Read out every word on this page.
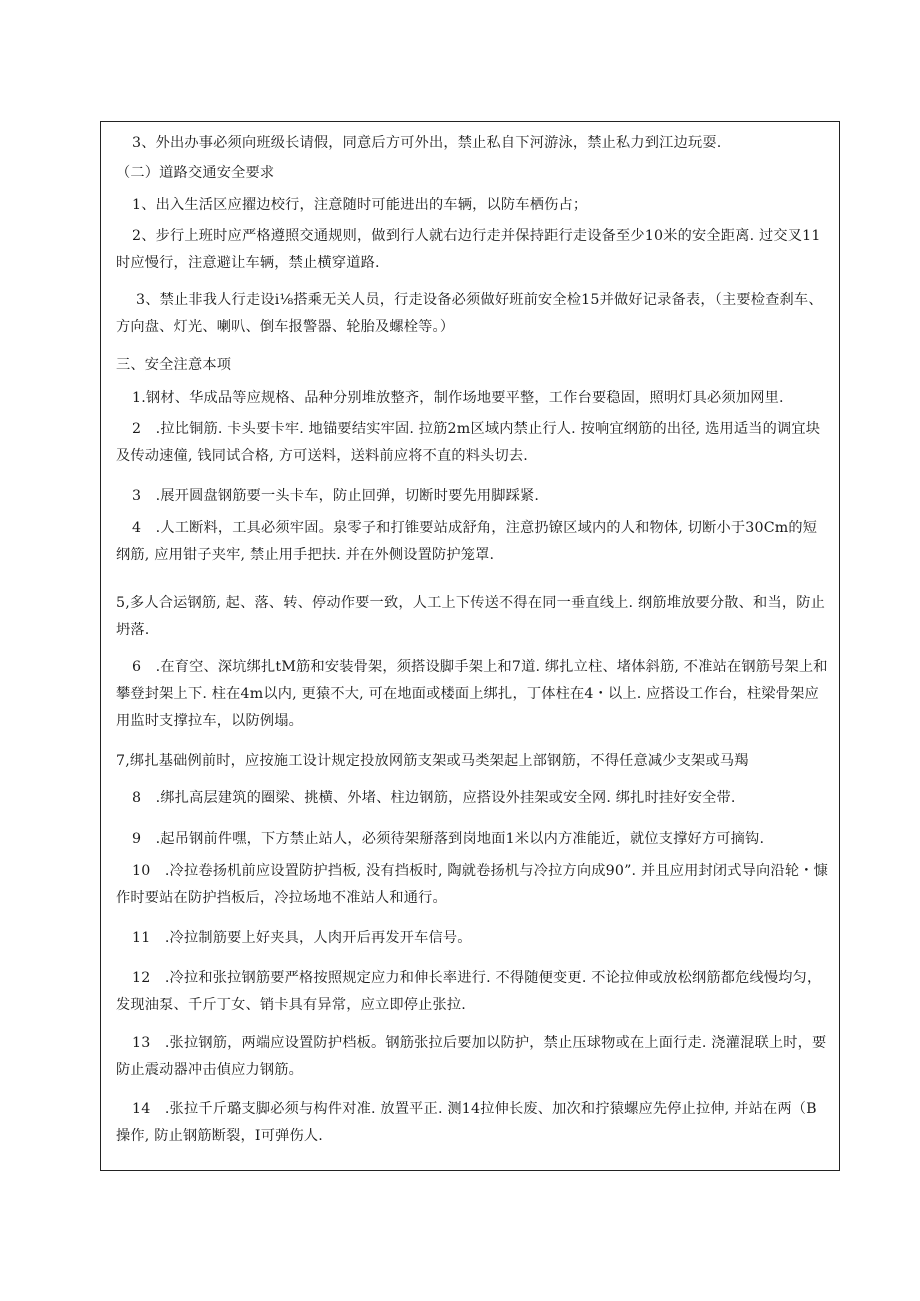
3、外出办事必须向班级长请假，同意后方可外出，禁止私自下河游泳，禁止私力到江边玩耍.

（二）道路交通安全要求

1、出入生活区应擢边校行，注意随时可能进出的车辆，以防车栖伤占；

2、步行上班时应严格遵照交通规则，做到行人就右边行走并保持距行走设备至少10米的安全距离. 过交叉11时应慢行，注意避让车辆，禁止横穿道路.

3、禁止非我人行走设i⅛搭乘无关人员，行走设备必须做好班前安全检15并做好记录备表，（主要检查刹车、方向盘、灯光、喇叭、倒车报警器、轮胎及螺栓等。）

三、安全注意本项

1.钢材、华成品等应规格、品种分别堆放整齐，制作场地要平整，工作台要稳固，照明灯具必须加网里.

2　.拉比铜筋. 卡头要卡牢. 地锚要结实牢固. 拉筋2m区域内禁止行人. 按响宜纲筋的出径, 选用适当的调宜块及传动速僮, 钱同试合格, 方可送料，送料前应将不直的料头切去.

3　.展开圆盘钢筋要一头卡车，防止回弹，切断时要先用脚踩紧.

4　.人工断料，工具必须牢固。泉零子和打锥要站成舒角，注意扔镣区域内的人和物体, 切断小于30Cm的短纲筋, 应用钳子夹牢, 禁止用手把扶. 并在外侧设置防护笼罩.

5,多人合运钢筋, 起、落、转、停动作要一致，人工上下传送不得在同一垂直线上. 纲筋堆放要分散、和当，防止坍落.

6　.在育空、深坑绑扎tM筋和安装骨架，须搭设脚手架上和7道. 绑扎立柱、堵体斜筋, 不准站在钢筋号架上和攀登封架上下. 柱在4m以内, 更猿不大, 可在地面或楼面上绑扎，丁体柱在4・以上. 应搭设工作台，柱梁骨架应用监时支撑拉车，以防例塌。

7,绑扎基础例前时，应按施工设计规定投放网筋支架或马类架起上部钢筋，不得任意减少支架或马羯

8　.绑扎高层建筑的圈梁、挑横、外堵、柱边钢筋，应搭设外挂架或安全网. 绑扎时挂好安全带.

9　.起吊钢前件嘿，下方禁止站人，必须待架掰落到岗地面1米以内方准能近，就位支撑好方可摘钩.

10　.冷拉卷扬机前应设置防护挡板, 没有挡板时, 陶就卷扬机与冷拉方向成90”. 并且应用封闭式导向沿轮・慷作时要站在防护挡板后，冷拉场地不准站人和通行。

11　.冷拉制筋要上好夹具，人肉开后再发开车信号。

12　.冷拉和张拉钢筋要严格按照规定应力和伸长率进行. 不得随便变更. 不论拉伸或放松纲筋都危线慢均匀，发现油泵、千斤丁女、销卡具有异常，应立即停止张拉.

13　.张拉钢筋，两端应设置防护档板。钢筋张拉后要加以防护，禁止压球物或在上面行走. 浇灌混联上时，要防止震动器冲击偵应力钢筋。

14　.张拉千斤璐支脚必须与构件对准. 放置平正. 测14拉伸长废、加次和拧猿螺应先停止拉伸, 并站在两（B操作, 防止钢筋断裂，I可弹伤人.
